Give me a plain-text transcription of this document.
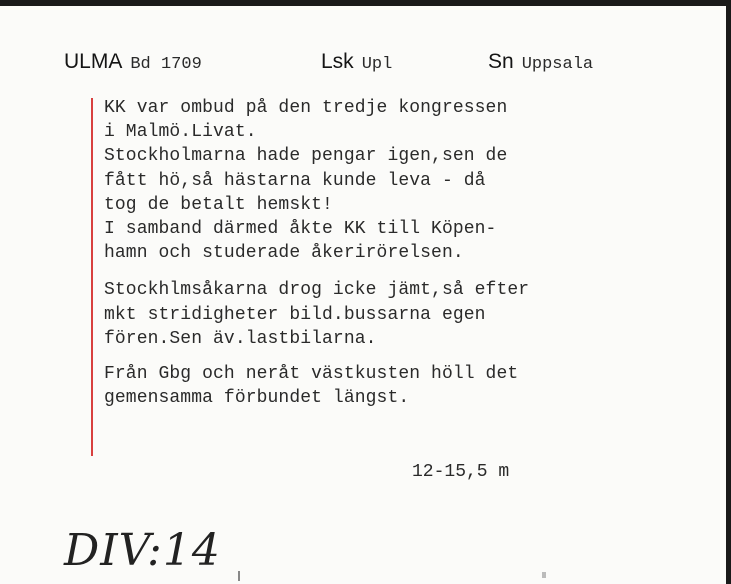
ULMA Bd 1709	Lsk Upl	Sn Uppsala
KK var ombud på den tredje kongressen
i Malmö.Livat.
Stockholmarna hade pengar igen,sen de
fått hö,så hästarna kunde leva - då
tog de betalt hemskt!
I samband därmed åkte KK till Köpen-
hamn och studerade åkerirörelsen.
Stockhlmsåkarna drog icke jämt,så efter
mkt stridigheter bild.bussarna egen
fören.Sen äv.lastbilarna.
Från Gbg och neråt västkusten höll det
gemensamma förbundet längst.
12-15,5 m
DIV:14
